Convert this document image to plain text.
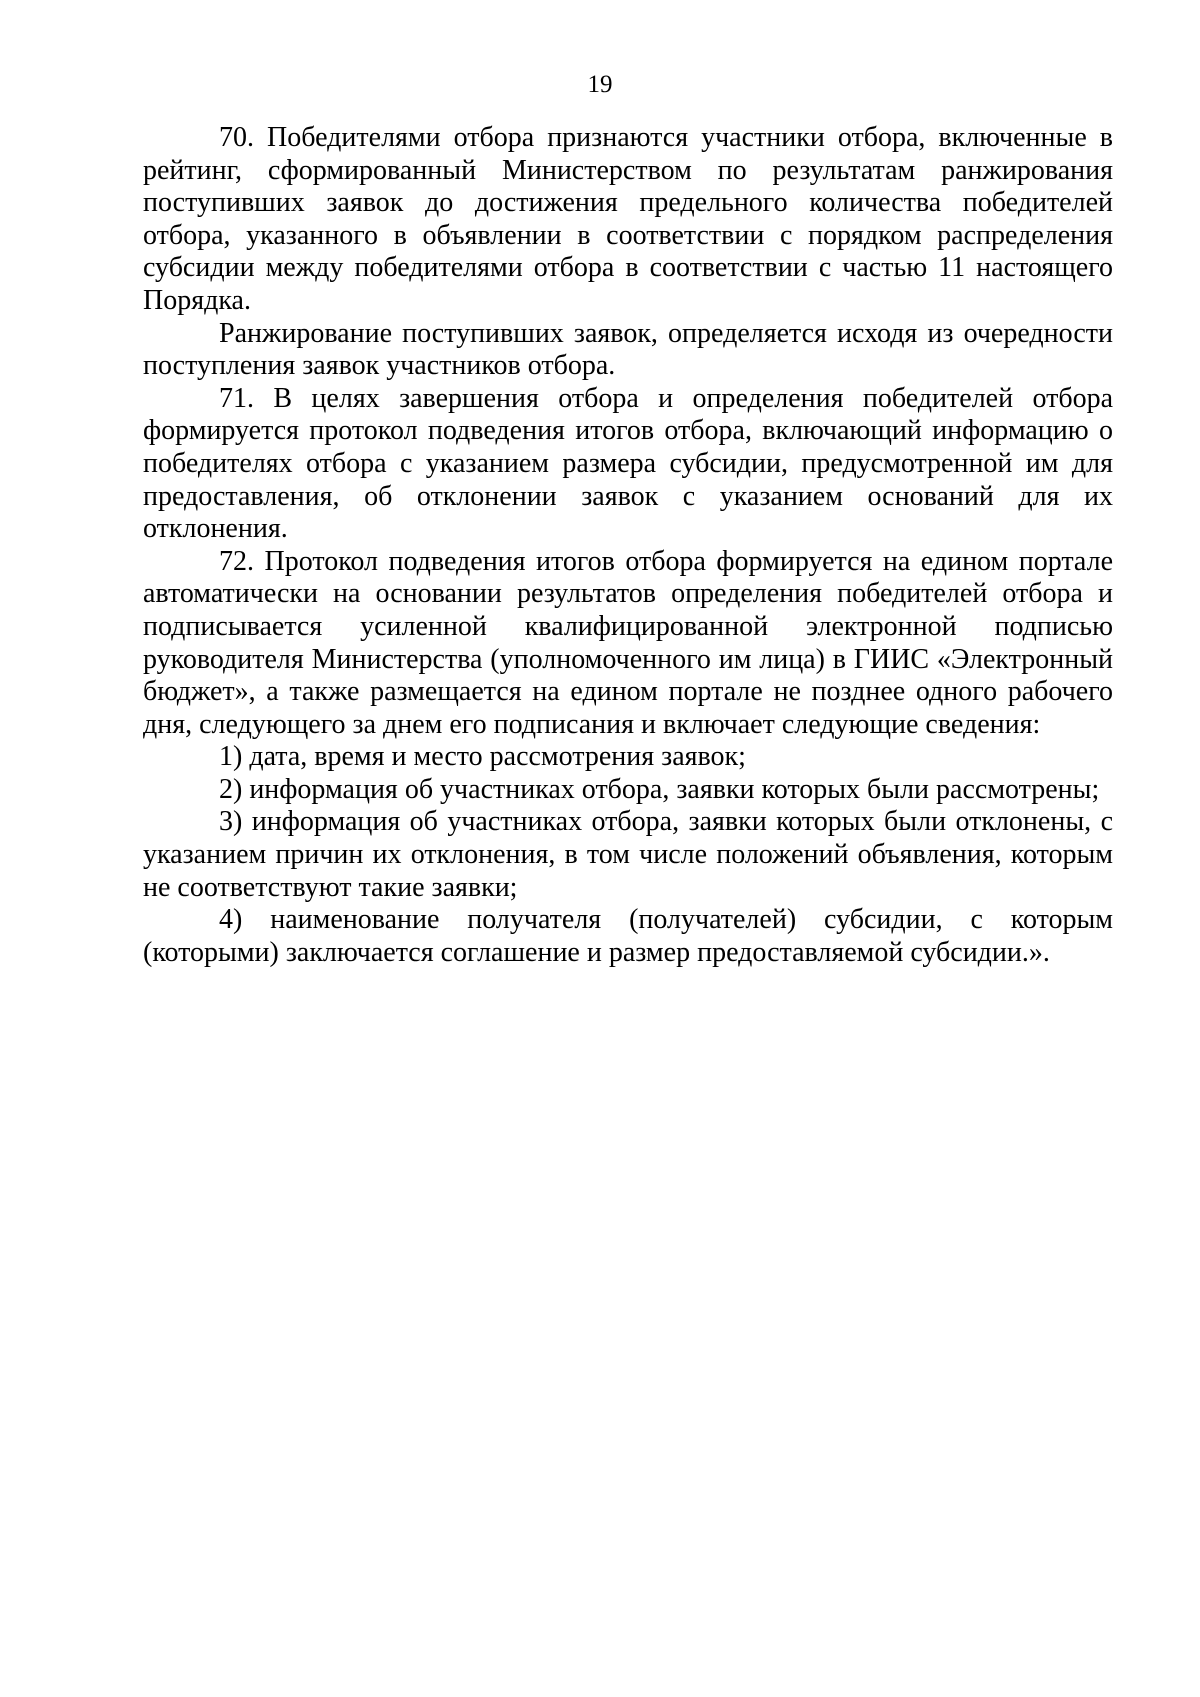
19

70. Победителями отбора признаются участники отбора, включенные в рейтинг, сформированный Министерством по результатам ранжирования поступивших заявок до достижения предельного количества победителей отбора, указанного в объявлении в соответствии с порядком распределения субсидии между победителями отбора в соответствии с частью 11 настоящего Порядка.

Ранжирование поступивших заявок, определяется исходя из очередности поступления заявок участников отбора.

71. В целях завершения отбора и определения победителей отбора формируется протокол подведения итогов отбора, включающий информацию о победителях отбора с указанием размера субсидии, предусмотренной им для предоставления, об отклонении заявок с указанием оснований для их отклонения.

72. Протокол подведения итогов отбора формируется на едином портале автоматически на основании результатов определения победителей отбора и подписывается усиленной квалифицированной электронной подписью руководителя Министерства (уполномоченного им лица) в ГИИС «Электронный бюджет», а также размещается на едином портале не позднее одного рабочего дня, следующего за днем его подписания и включает следующие сведения:

1) дата, время и место рассмотрения заявок;

2) информация об участниках отбора, заявки которых были рассмотрены;

3) информация об участниках отбора, заявки которых были отклонены, с указанием причин их отклонения, в том числе положений объявления, которым не соответствуют такие заявки;

4) наименование получателя (получателей) субсидии, с которым (которыми) заключается соглашение и размер предоставляемой субсидии.».
